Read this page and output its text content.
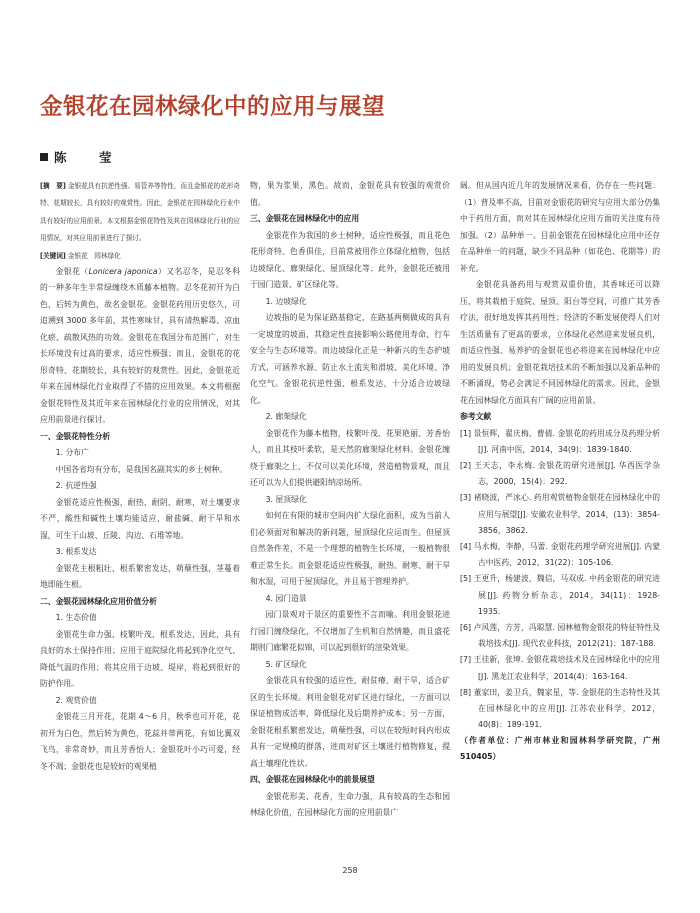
金银花在园林绿化中的应用与展望
陈　莹

[摘　要] 金银花具有抗逆性强、易管养等特性，而且金银花的花形奇特、花期较长，具有较好的观赏性。因此，金银花在园林绿化行业中具有较好的应用前景。本文根据金银花特性及其在园林绿化行业的应用情况，对其应用前景进行了探讨。

[关键词] 金银花　园林绿化

金银花（Lonicera japonica）又名忍冬，是忍冬科的一种多年生半常绿缠绕木质藤本植物。忍冬花初开为白色，后转为黄色，故名金银花。金银花药用历史悠久，可追溯到 3000 多年前，其性寒味甘，具有清热解毒、凉血化瘀、疏散风热的功效。金银花在我国分布范围广，对生长环境没有过高的要求，适应性极强；而且，金银花的花形奇特、花期较长，具有较好的观赏性。因此，金银花近年来在园林绿化行业取得了不错的应用效果。本文将根据金银花特性及其近年来在园林绿化行业的应用情况，对其应用前景进行探讨。

一、金银花特性分析

1. 分布广

中国各省均有分布，是我国名副其实的乡土树种。

2. 抗逆性强

金银花适应性极强，耐热、耐阴、耐寒，对土壤要求不严，酸性和碱性土壤均能适应，耐盐碱、耐干旱和水湿，可生于山坡、丘陵、沟边、石堆等地。

3. 根系发达

金银花主根粗壮、根系繁密发达，萌蘖性强，茎蔓着地即能生根。

二、金银花园林绿化应用价值分析

1. 生态价值

金银花生命力强、枝繁叶茂、根系发达，因此，具有良好的水土保持作用；应用于庭院绿化将起到净化空气、降低气温的作用；将其应用于边坡、堤岸，将起到很好的防护作用。

2. 观赏价值

金银花三月开花，花期 4～6 月，秋季也可开花，花初开为白色，然后转为黄色，花蕊并蒂两花，有如比翼双飞鸟，非常奇妙，而且芳香怡人；金银花叶小巧可爱，经冬不凋；金银花也是较好的观果植

物，果为浆果，黑色。故而，金银花具有较强的观赏价值。

三、金银花在园林绿化中的应用

金银花作为我国的乡土树种，适应性极强，而且花色花形奇特、色香俱佳，目前常被用作立体绿化植物，包括边坡绿化、廊架绿化、屋顶绿化等；此外，金银花还被用于园门造景、矿区绿化等。

1. 边坡绿化

边坡指的是为保证路基稳定，在路基两侧做成的具有一定坡度的坡面，其稳定性直接影响公路使用寿命、行车安全与生态环境等。而边坡绿化正是一种新兴的生态护坡方式，可涵养水源、防止水土流失和滑坡、美化环境、净化空气。金银花抗逆性强、根系发达，十分适合边坡绿化。

2. 廊架绿化

金银花作为藤本植物，枝繁叶茂、花果艳丽、芳香怡人，而且其枝叶柔软，是天然的廊架绿化材料。金银花缠绕于廊架之上，不仅可以美化环境，营造植物景观，而且还可以为人们提供避阳纳凉场所。

3. 屋顶绿化

如何在有限的城市空间内扩大绿化面积，成为当前人们必须面对和解决的新问题，屋顶绿化应运而生。但屋顶自然条件差，不是一个理想的植物生长环境，一般植物很难正常生长。而金银花适应性极强，耐热、耐寒、耐干旱和水湿，可用于屋顶绿化，并且易于管理养护。

4. 园门造景

园门景观对于景区的重要性不言而喻。利用金银花进行园门缠绕绿化，不仅增加了生机和自然情趣，而且盛花期则门廊繁花似锦，可以起到很好的渲染效果。

5. 矿区绿化

金银花具有较强的适应性，耐贫瘠、耐干旱，适合矿区的生长环境。利用金银花对矿区进行绿化，一方面可以保证植物成活率，降低绿化及后期养护成本；另一方面，金银花根系繁密发达，萌蘖性强，可以在较短时间内形成具有一定规模的群落，进而对矿区土壤进行植物修复，提高土壤理化性状。

四、金银花在园林绿化中的前景展望

金银花形美、花香，生命力强，具有较高的生态和园林绿化价值，在园林绿化方面的应用前景广

阔。但从国内近几年的发展情况来看，仍存在一些问题：（1）普及率不高，目前对金银花的研究与应用大部分仍集中于药用方面，而对其在园林绿化应用方面的关注度有待加强。（2）品种单一。目前金银花在园林绿化应用中还存在品种单一的问题，缺少不同品种（如花色、花期等）的补充。

金银花具备药用与观赏双重价值，其香味还可以降压，将其栽植于庭院、屋顶、阳台等空间，可推广其芳香疗法，很好地发挥其药用性；经济的不断发展使得人们对生活质量有了更高的要求，立体绿化必然迎来发展良机，而适应性强、易养护的金银花也必将迎来在园林绿化中应用的发展良机；金银花栽培技术的不断加强以及新品种的不断涌现，势必会满足不同园林绿化的需求。因此，金银花在园林绿化方面具有广阔的应用前景。

参考文献

[1] 景恒辉，翟庆梅，曹倩. 金银花的药用成分及药理分析[J]. 河南中医，2014，34(9)：1839-1840.

[2] 王天志，李永梅. 金银花的研究进展[J]. 华西医学杂志，2000，15(4)：292.

[3] 褚晓波，严冰心. 药用观赏植物金银花在园林绿化中的应用与展望[J]. 安徽农业科学，2014，(13)：3854-3856，3862.

[4] 马永梅，李静，马蕾. 金银花药理学研究进展[J]. 内蒙古中医药，2012，31(22)：105-106.

[5] 王更升，杨建波，魏信，马双成. 中药金银花的研究进展[J]. 药物分析杂志，2014，34(11)：1928-1935.

[6] 卢风莲，方芳，冯聪慧. 园林植物金银花的特征特性及栽培技术[J]. 现代农业科技，2012(21)：187-188.

[7] 王佳新，张坤. 金银花栽培技术及在园林绿化中的应用[J]. 黑龙江农业科学，2014(4)：163-164.

[8] 董家田，姜卫兵，魏家星，等. 金银花的生态特性及其在园林绿化中的应用[J]. 江苏农业科学，2012，40(8)：189-191.

（作者单位：广州市林业和园林科学研究院，广州 510405）

258
